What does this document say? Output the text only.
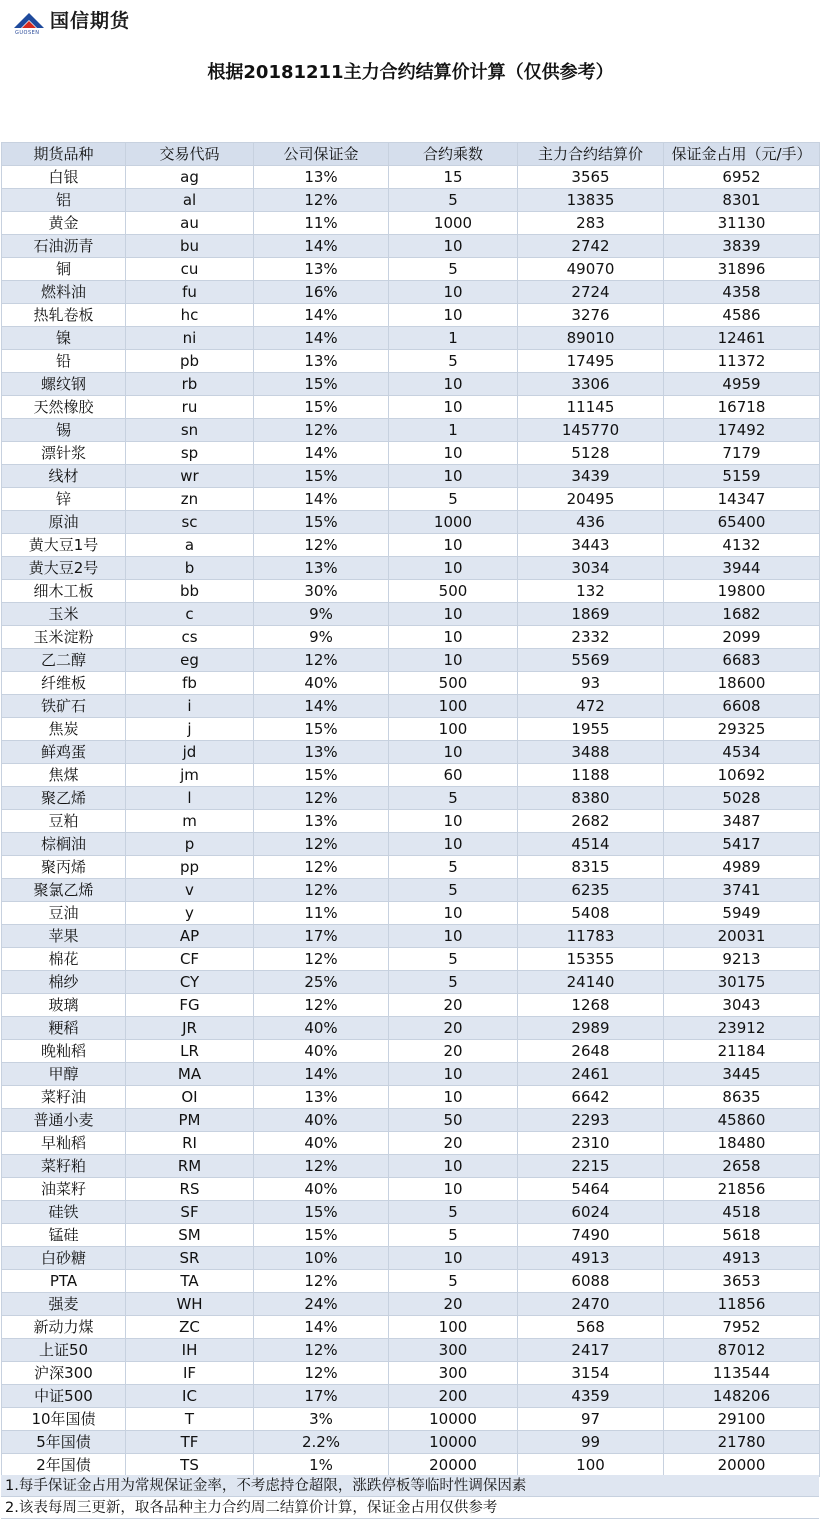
国信期货
GUOSEN
根据20181211主力合约结算价计算（仅供参考）
期货品种	交易代码	公司保证金	合约乘数	主力合约结算价	保证金占用（元/手）
白银	ag	13%	15	3565	6952
铝	al	12%	5	13835	8301
黄金	au	11%	1000	283	31130
石油沥青	bu	14%	10	2742	3839
铜	cu	13%	5	49070	31896
燃料油	fu	16%	10	2724	4358
热轧卷板	hc	14%	10	3276	4586
镍	ni	14%	1	89010	12461
铅	pb	13%	5	17495	11372
螺纹钢	rb	15%	10	3306	4959
天然橡胶	ru	15%	10	11145	16718
锡	sn	12%	1	145770	17492
漂针浆	sp	14%	10	5128	7179
线材	wr	15%	10	3439	5159
锌	zn	14%	5	20495	14347
原油	sc	15%	1000	436	65400
黄大豆1号	a	12%	10	3443	4132
黄大豆2号	b	13%	10	3034	3944
细木工板	bb	30%	500	132	19800
玉米	c	9%	10	1869	1682
玉米淀粉	cs	9%	10	2332	2099
乙二醇	eg	12%	10	5569	6683
纤维板	fb	40%	500	93	18600
铁矿石	i	14%	100	472	6608
焦炭	j	15%	100	1955	29325
鲜鸡蛋	jd	13%	10	3488	4534
焦煤	jm	15%	60	1188	10692
聚乙烯	l	12%	5	8380	5028
豆粕	m	13%	10	2682	3487
棕榈油	p	12%	10	4514	5417
聚丙烯	pp	12%	5	8315	4989
聚氯乙烯	v	12%	5	6235	3741
豆油	y	11%	10	5408	5949
苹果	AP	17%	10	11783	20031
棉花	CF	12%	5	15355	9213
棉纱	CY	25%	5	24140	30175
玻璃	FG	12%	20	1268	3043
粳稻	JR	40%	20	2989	23912
晚籼稻	LR	40%	20	2648	21184
甲醇	MA	14%	10	2461	3445
菜籽油	OI	13%	10	6642	8635
普通小麦	PM	40%	50	2293	45860
早籼稻	RI	40%	20	2310	18480
菜籽粕	RM	12%	10	2215	2658
油菜籽	RS	40%	10	5464	21856
硅铁	SF	15%	5	6024	4518
锰硅	SM	15%	5	7490	5618
白砂糖	SR	10%	10	4913	4913
PTA	TA	12%	5	6088	3653
强麦	WH	24%	20	2470	11856
新动力煤	ZC	14%	100	568	7952
上证50	IH	12%	300	2417	87012
沪深300	IF	12%	300	3154	113544
中证500	IC	17%	200	4359	148206
10年国债	T	3%	10000	97	29100
5年国债	TF	2.2%	10000	99	21780
2年国债	TS	1%	20000	100	20000
1.每手保证金占用为常规保证金率，不考虑持仓超限，涨跌停板等临时性调保因素
2.该表每周三更新，取各品种主力合约周二结算价计算，保证金占用仅供参考
